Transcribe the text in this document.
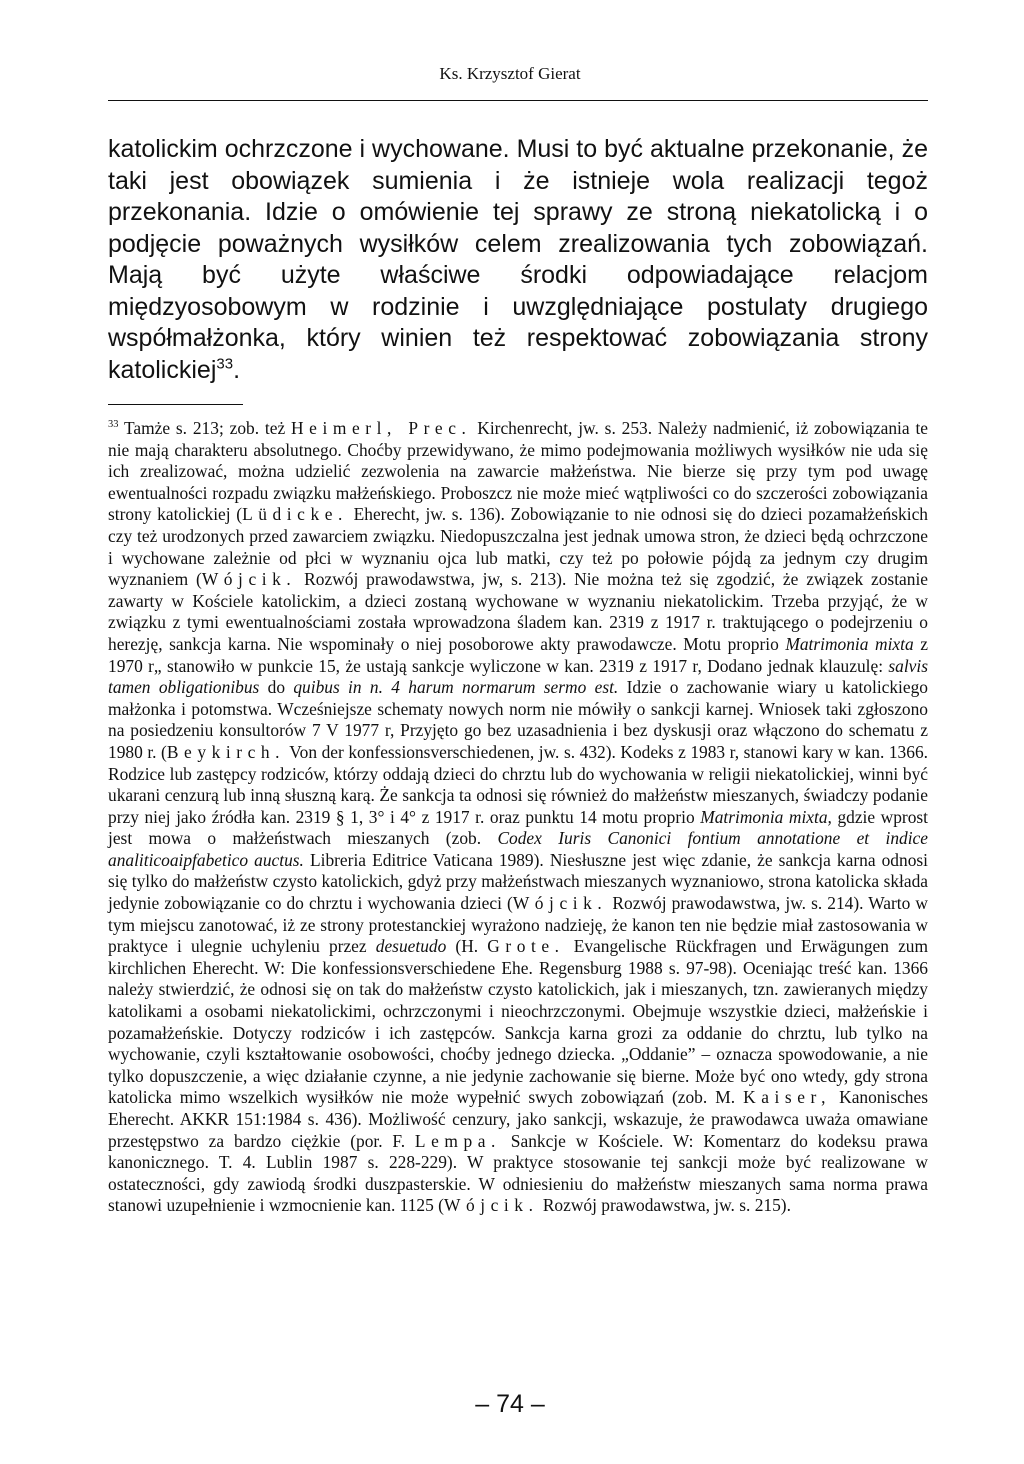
Ks. Krzysztof Gierat

katolickim ochrzczone i wychowane. Musi to być aktualne przekonanie, że taki jest obowiązek sumienia i że istnieje wola realizacji tegoż przekonania. Idzie o omówienie tej sprawy ze stroną niekatolicką i o podjęcie poważnych wysiłków celem zrealizowania tych zobowiązań. Mają być użyte właściwe środki odpowiadające relacjom międzyosobowym w rodzinie i uwzględniające postulaty drugiego współmałżonka, który winien też respektować zobowiązania strony katolickiej$^{33}$.

$^{33}$ Tamże s. 213; zob. też Heimerl, Prec. Kirchenrecht, jw. s. 253. Należy nadmienić, iż zobowiązania te nie mają charakteru absolutnego. Choćby przewidywano, że mimo podejmowania możliwych wysiłków nie uda się ich zrealizować, można udzielić zezwolenia na zawarcie małżeństwa. Nie bierze się przy tym pod uwagę ewentualności rozpadu związku małżeńskiego. Proboszcz nie może mieć wątpliwości co do szczerości zobowiązania strony katolickiej (Lüdicke. Eherecht, jw. s. 136). Zobowiązanie to nie odnosi się do dzieci pozamałżeńskich czy też urodzonych przed zawarciem związku. Niedopuszczalna jest jednak umowa stron, że dzieci będą ochrzczone i wychowane zależnie od płci w wyznaniu ojca lub matki, czy też po połowie pójdą za jednym czy drugim wyznaniem (Wójcik. Rozwój prawodawstwa, jw, s. 213). Nie można też się zgodzić, że związek zostanie zawarty w Kościele katolickim, a dzieci zostaną wychowane w wyznaniu niekatolickim. Trzeba przyjąć, że w związku z tymi ewentualnościami została wprowadzona śladem kan. 2319 z 1917 r. traktującego o podejrzeniu o herezję, sankcja karna. Nie wspominały o niej posoborowe akty prawodawcze. Motu proprio Matrimonia mixta z 1970 r„ stanowiło w punkcie 15, że ustają sankcje wyliczone w kan. 2319 z 1917 r, Dodano jednak klauzulę: salvis tamen obligationibus do quibus in n. 4 harum normarum sermo est. Idzie o zachowanie wiary u katolickiego małżonka i potomstwa. Wcześniejsze schematy nowych norm nie mówiły o sankcji karnej. Wniosek taki zgłoszono na posiedzeniu konsultorów 7 V 1977 r, Przyjęto go bez uzasadnienia i bez dyskusji oraz włączono do schematu z 1980 r. (Beykirch. Von der konfessionsverschiedenen, jw. s. 432). Kodeks z 1983 r, stanowi kary w kan. 1366. Rodzice lub zastępcy rodziców, którzy oddają dzieci do chrztu lub do wychowania w religii niekatolickiej, winni być ukarani cenzurą lub inną słuszną karą. Że sankcja ta odnosi się również do małżeństw mieszanych, świadczy podanie przy niej jako źródła kan. 2319 § 1, 3° i 4° z 1917 r. oraz punktu 14 motu proprio Matrimonia mixta, gdzie wprost jest mowa o małżeństwach mieszanych (zob. Codex Iuris Canonici fontium annotatione et indice analiticoaipfabetico auctus. Libreria Editrice Vaticana 1989). Niesłuszne jest więc zdanie, że sankcja karna odnosi się tylko do małżeństw czysto katolickich, gdyż przy małżeństwach mieszanych wyznaniowo, strona katolicka składa jedynie zobowiązanie co do chrztu i wychowania dzieci (Wójcik. Rozwój prawodawstwa, jw. s. 214). Warto w tym miejscu zanotować, iż ze strony protestanckiej wyrażono nadzieję, że kanon ten nie będzie miał zastosowania w praktyce i ulegnie uchyleniu przez desuetudo (H. Grote. Evangelische Rückfragen und Erwägungen zum kirchlichen Eherecht. W: Die konfessionsverschiedene Ehe. Regensburg 1988 s. 97-98). Oceniając treść kan. 1366 należy stwierdzić, że odnosi się on tak do małżeństw czysto katolickich, jak i mieszanych, tzn. zawieranych między katolikami a osobami niekatolickimi, ochrzczonymi i nieochrzczonymi. Obejmuje wszystkie dzieci, małżeńskie i pozamałżeńskie. Dotyczy rodziców i ich zastępców. Sankcja karna grozi za oddanie do chrztu, lub tylko na wychowanie, czyli kształtowanie osobowości, choćby jednego dziecka. „Oddanie” – oznacza spowodowanie, a nie tylko dopuszczenie, a więc działanie czynne, a nie jedynie zachowanie się bierne. Może być ono wtedy, gdy strona katolicka mimo wszelkich wysiłków nie może wypełnić swych zobowiązań (zob. M. Kaiser, Kanonisches Eherecht. AKKR 151:1984 s. 436). Możliwość cenzury, jako sankcji, wskazuje, że prawodawca uważa omawiane przestępstwo za bardzo ciężkie (por. F. Lempa. Sankcje w Kościele. W: Komentarz do kodeksu prawa kanonicznego. T. 4. Lublin 1987 s. 228-229). W praktyce stosowanie tej sankcji może być realizowane w ostateczności, gdy zawiodą środki duszpasterskie. W odniesieniu do małżeństw mieszanych sama norma prawa stanowi uzupełnienie i wzmocnienie kan. 1125 (Wójcik. Rozwój prawodawstwa, jw. s. 215).

– 74 –
